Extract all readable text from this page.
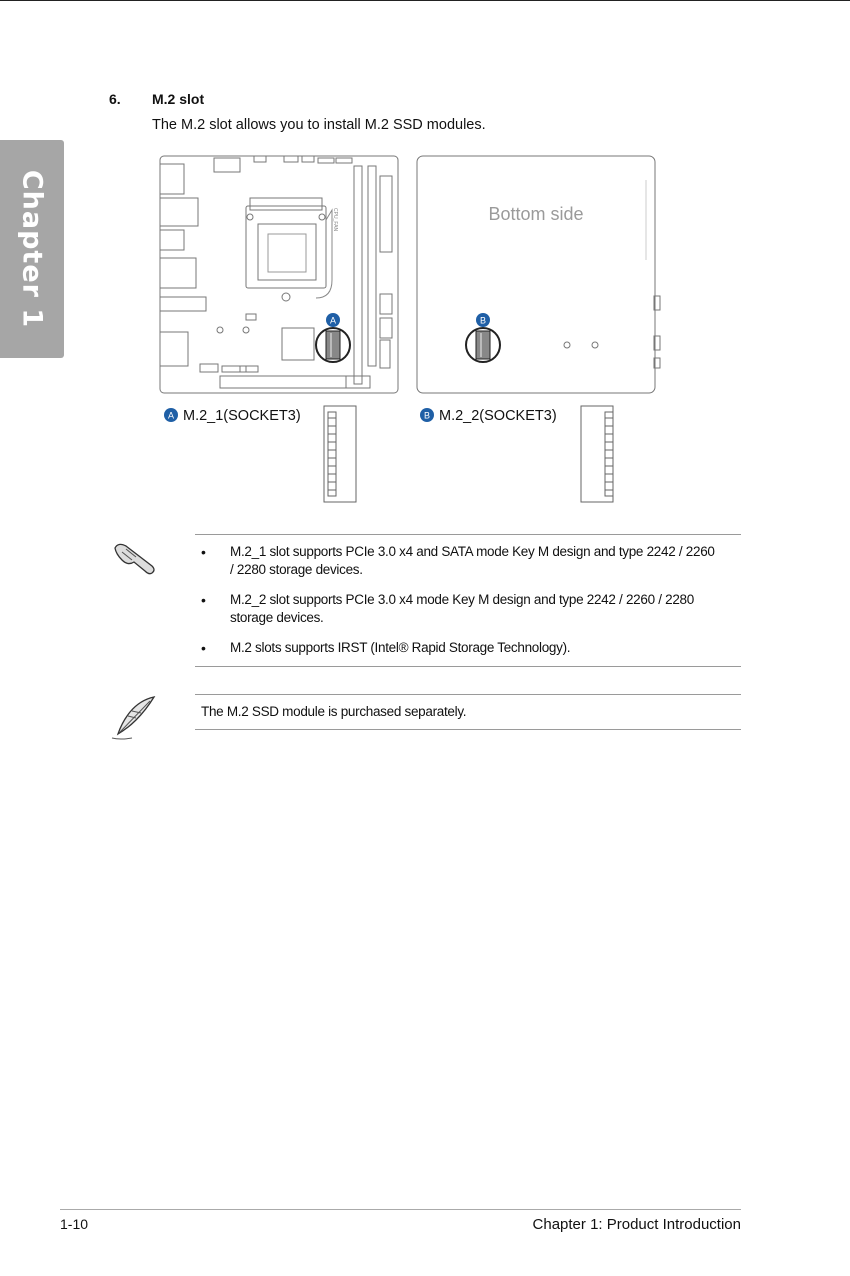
Chapter 1
6. M.2 slot
The M.2 slot allows you to install M.2 SSD modules.
CPU_FAN	Bottom side
A	B
A M.2_1(SOCKET3)	B M.2_2(SOCKET3)
• M.2_1 slot supports PCIe 3.0 x4 and SATA mode Key M design and type 2242 / 2260 / 2280 storage devices.
• M.2_2 slot supports PCIe 3.0 x4 mode Key M design and type 2242 / 2260 / 2280 storage devices.
• M.2 slots supports IRST (Intel® Rapid Storage Technology).
The M.2 SSD module is purchased separately.
1-10	Chapter 1: Product Introduction
